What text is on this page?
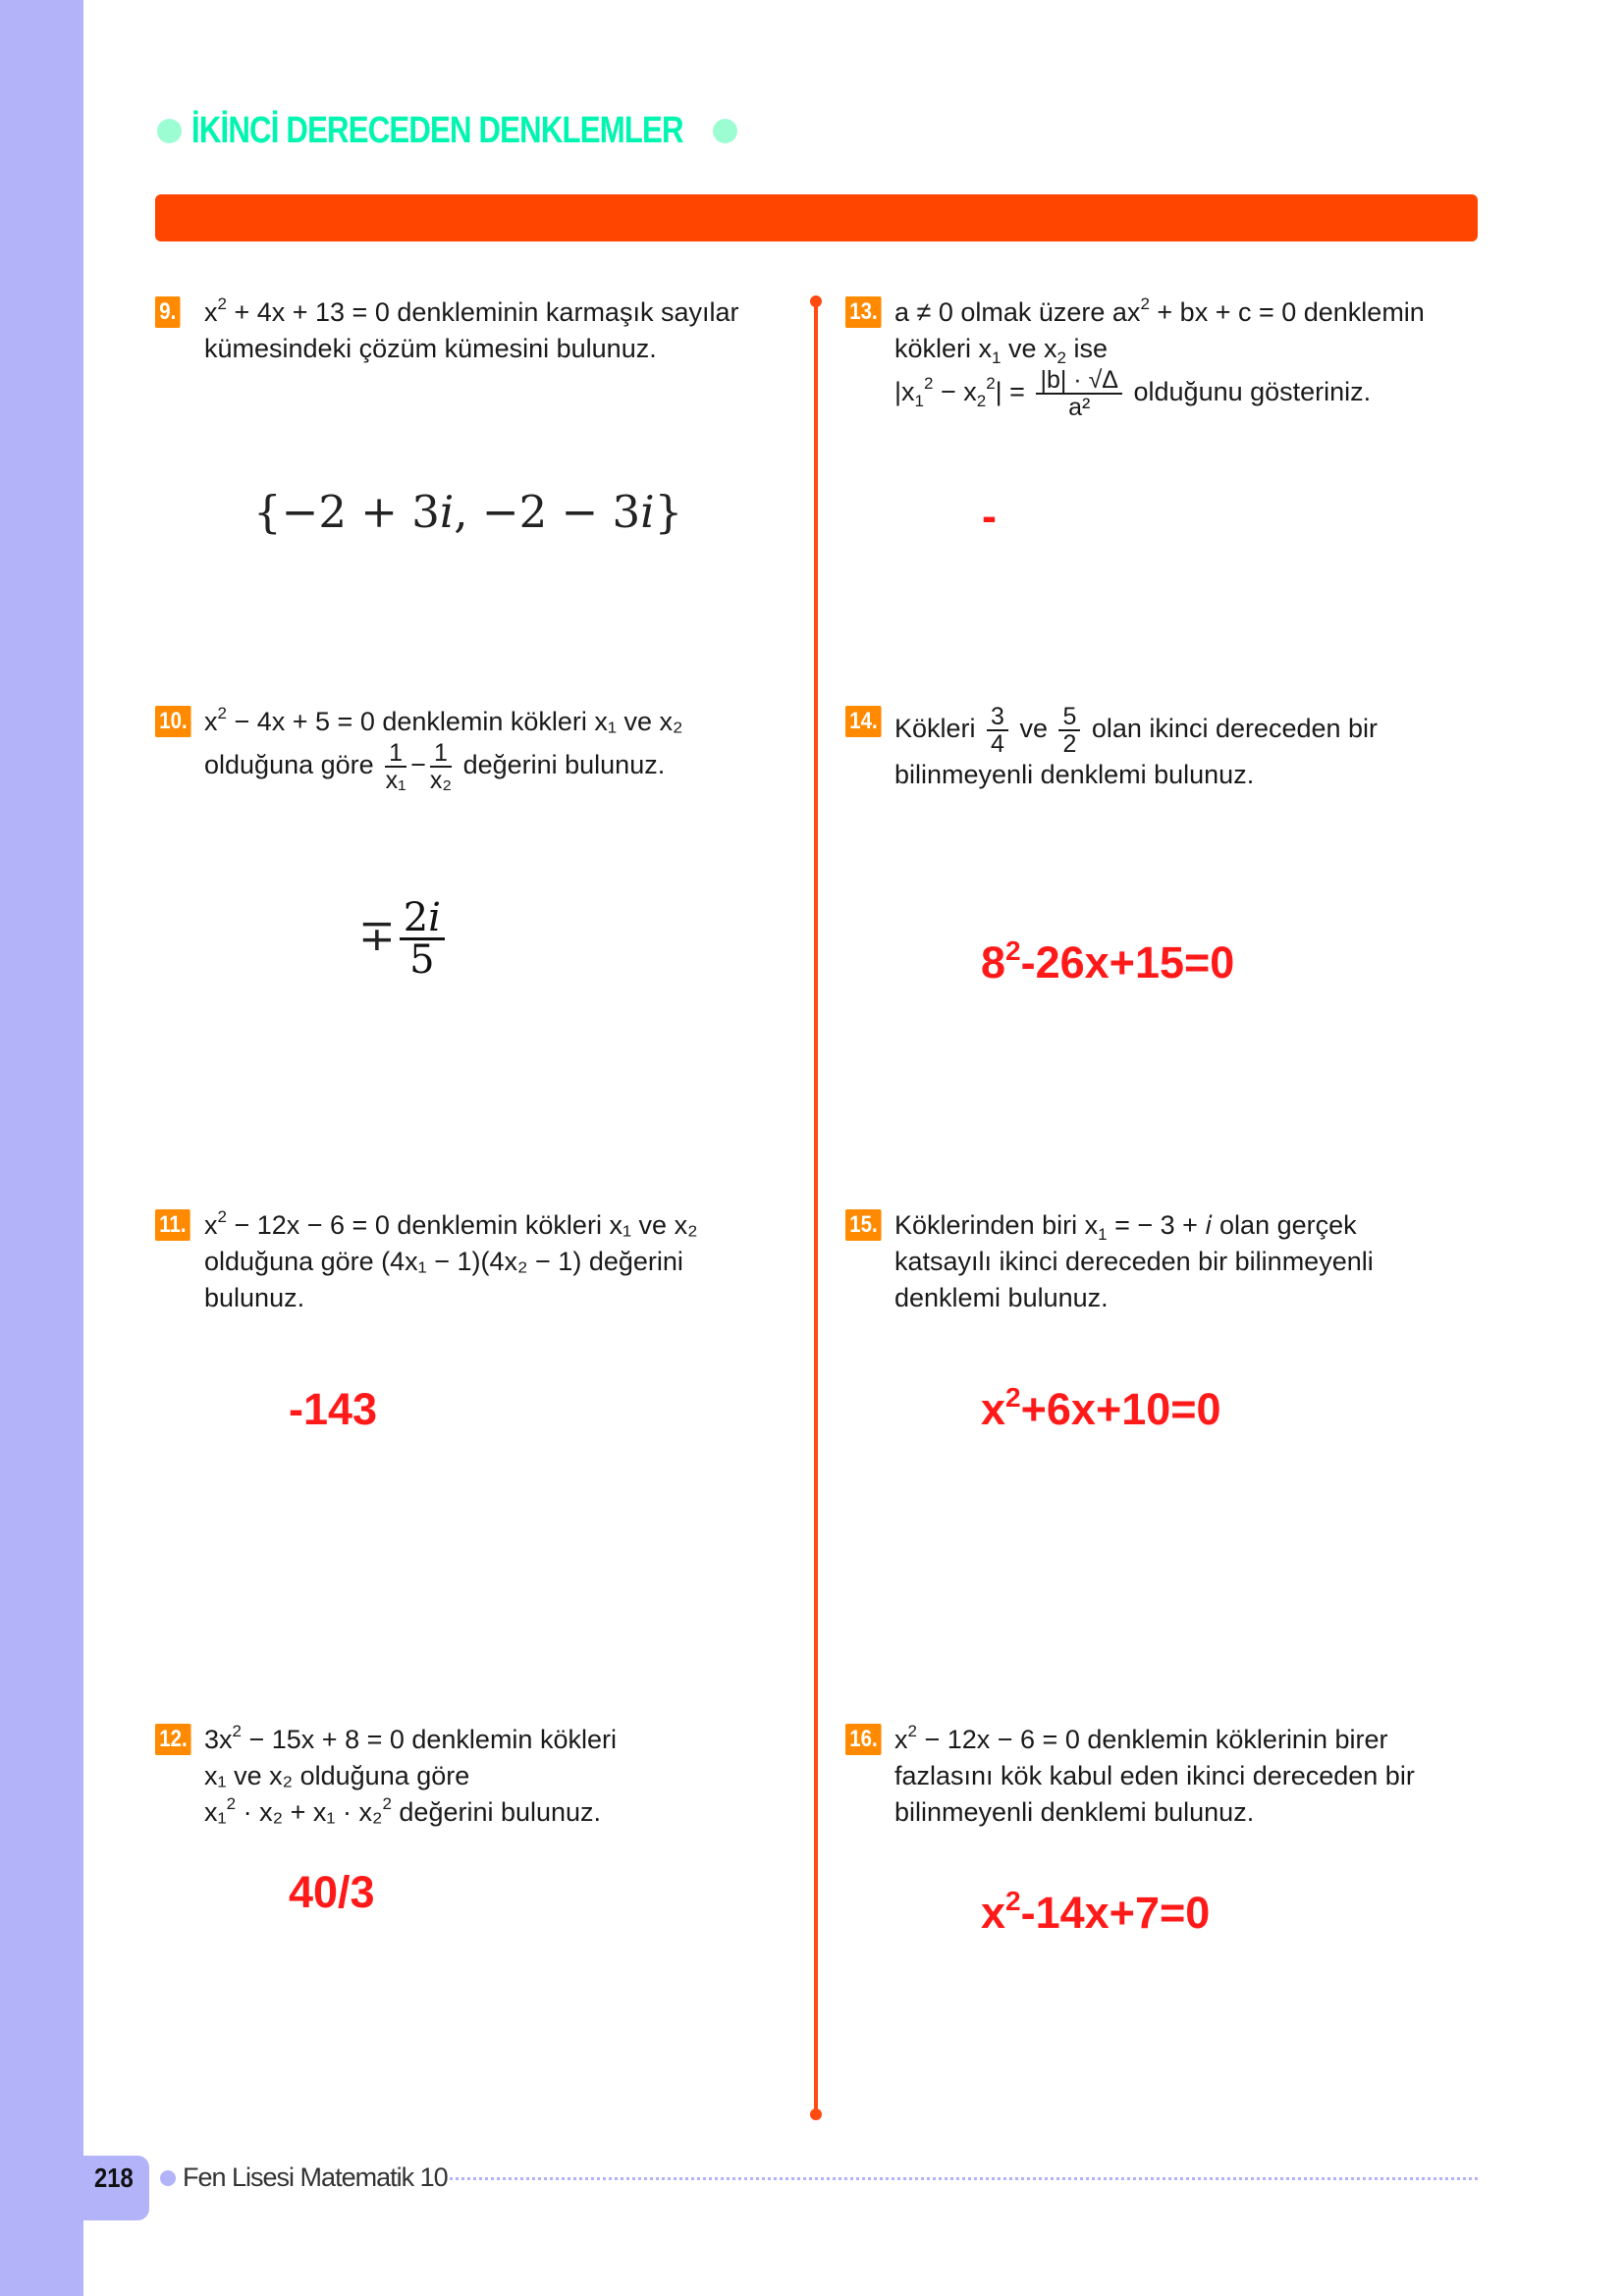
İKİNCİ DERECEDEN DENKLEMLER
9. $x^2 + 4x + 13 = 0$ denkleminin karmaşık sayılar
kümesindeki çözüm kümesini bulunuz.
{−2 + 3𝑖, −2 − 3𝑖}
10. $x^2 - 4x + 5 = 0$ denklemin kökleri x₁ ve x₂
olduğuna göre $\frac{1}{\text{x₁}} - \frac{1}{\text{x₂}}$ değerini bulunuz.
∓ $\frac{\text{2𝑖}}{5}$
11. $x^2 - 12x - 6 = 0$ denklemin kökleri x₁ ve x₂
olduğuna göre (4x₁ − 1)(4x₂ − 1) değerini
bulunuz.
-143
12. $3x^2 - 15x + 8 = 0$ denklemin kökleri
x₁ ve x₂ olduğuna göre
x₁$^2$ · x₂ + x₁ · x₂$^2$ değerini bulunuz.
40/3
13. a ≠ 0 olmak üzere $ax^2$ + bx + c = 0 denklemin
kökleri $x_1$ ve $x_2$ ise
$|x_1^2 - x_2^2| = \frac{|b| \cdot √\Delta}{\text{a²}}$ olduğunu gösteriniz.
-
14. Kökleri $\frac{3}{4}$ ve $\frac{5}{2}$ olan ikinci dereceden bir
bilinmeyenli denklemi bulunuz.
$8^2-26x+15=0$
15. Köklerinden biri $x_1$ = − 3 + 𝑖 olan gerçek
katsayılı ikinci dereceden bir bilinmeyenli
denklemi bulunuz.
$x^2+6x+10=0$
16. $x^2 - 12x - 6 = 0$ denklemin köklerinin birer
fazlasını kök kabul eden ikinci dereceden bir
bilinmeyenli denklemi bulunuz.
$x^2-14x+7=0$
218 Fen Lisesi Matematik 10
